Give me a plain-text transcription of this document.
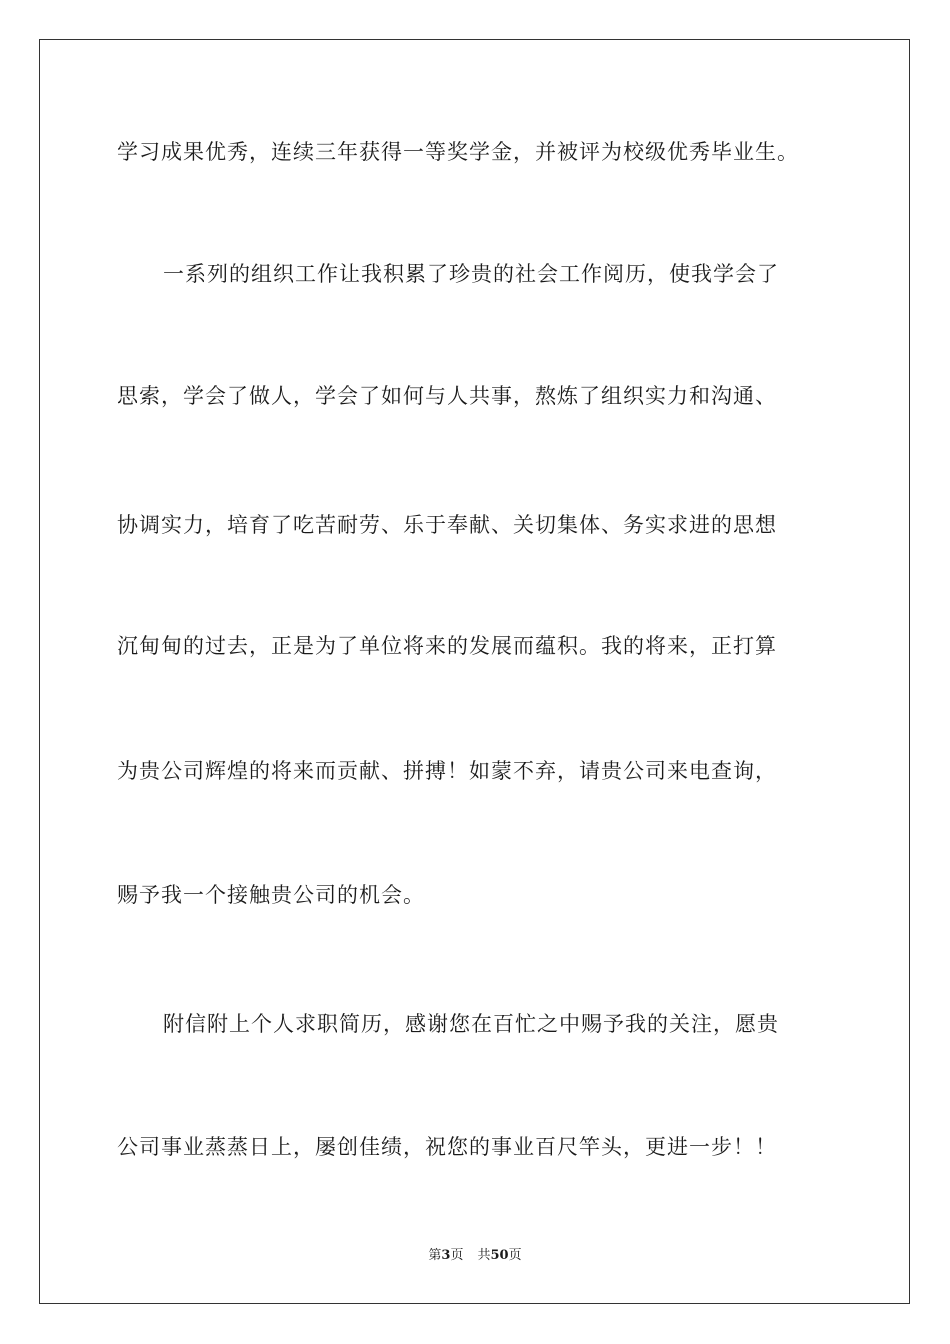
学习成果优秀，连续三年获得一等奖学金，并被评为校级优秀毕业生。

一系列的组织工作让我积累了珍贵的社会工作阅历，使我学会了

思索，学会了做人，学会了如何与人共事，熬炼了组织实力和沟通、

协调实力，培育了吃苦耐劳、乐于奉献、关切集体、务实求进的思想

沉甸甸的过去，正是为了单位将来的发展而蕴积。我的将来，正打算

为贵公司辉煌的将来而贡献、拼搏！如蒙不弃，请贵公司来电查询，

赐予我一个接触贵公司的机会。

附信附上个人求职简历，感谢您在百忙之中赐予我的关注，愿贵

公司事业蒸蒸日上，屡创佳绩，祝您的事业百尺竿头，更进一步！！

第3页 共50页
